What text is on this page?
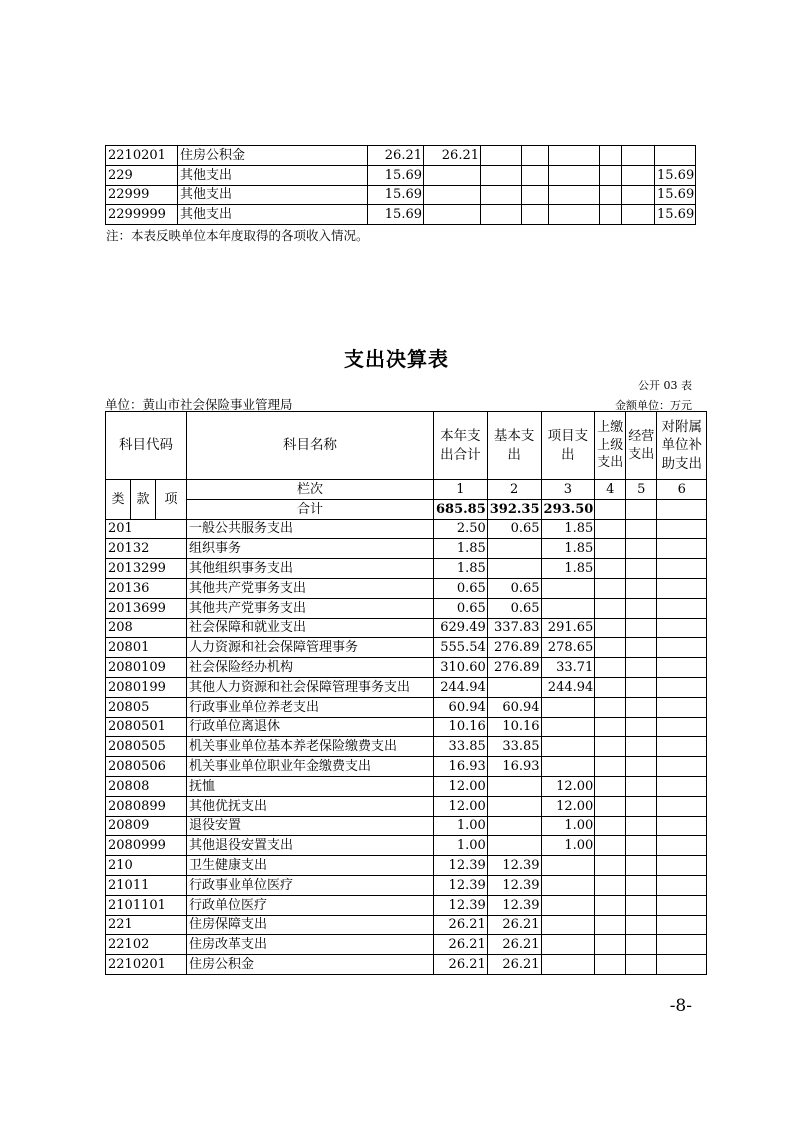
2210201	住房公积金	26.21	26.21						
229	其他支出	15.69							15.69
22999	其他支出	15.69							15.69
2299999	其他支出	15.69							15.69
注：本表反映单位本年度取得的各项收入情况。
支出决算表
公开 03 表
单位：黄山市社会保险事业管理局	金额单位：万元
科目代码			科目名称	本年支出合计	基本支出	项目支出	上缴上级支出	经营支出	对附属单位补助支出
类	款	项	栏次	1	2	3	4	5	6
			合计	685.85	392.35	293.50			
201			一般公共服务支出	2.50	0.65	1.85			
20132			组织事务	1.85		1.85			
2013299			其他组织事务支出	1.85		1.85			
20136			其他共产党事务支出	0.65	0.65				
2013699			其他共产党事务支出	0.65	0.65				
208			社会保障和就业支出	629.49	337.83	291.65			
20801			人力资源和社会保障管理事务	555.54	276.89	278.65			
2080109			社会保险经办机构	310.60	276.89	33.71			
2080199			其他人力资源和社会保障管理事务支出	244.94		244.94			
20805			行政事业单位养老支出	60.94	60.94				
2080501			行政单位离退休	10.16	10.16				
2080505			机关事业单位基本养老保险缴费支出	33.85	33.85				
2080506			机关事业单位职业年金缴费支出	16.93	16.93				
20808			抚恤	12.00		12.00			
2080899			其他优抚支出	12.00		12.00			
20809			退役安置	1.00		1.00			
2080999			其他退役安置支出	1.00		1.00			
210			卫生健康支出	12.39	12.39				
21011			行政事业单位医疗	12.39	12.39				
2101101			行政单位医疗	12.39	12.39				
221			住房保障支出	26.21	26.21				
22102			住房改革支出	26.21	26.21				
2210201			住房公积金	26.21	26.21				
-8-
